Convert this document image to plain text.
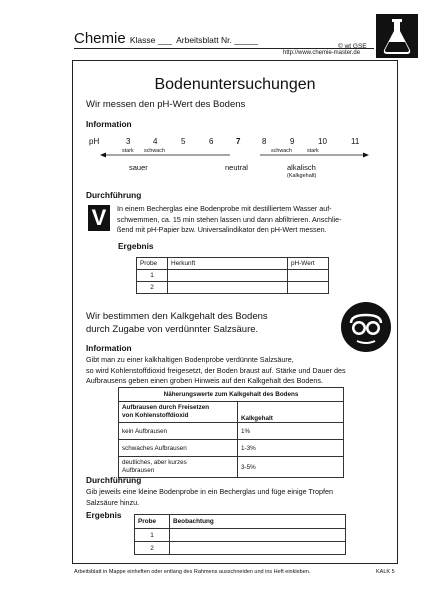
Chemie Klasse ___ Arbeitsblatt Nr. _____
© wt GSE
http://www.chemie-master.de
Bodenuntersuchungen
Wir messen den pH-Wert des Bodens
Information
pH	3	4	5	6	7	8	9	10	11
stark schwach	schwach	stark
sauer	neutral	alkalisch
(Kalkgehalt)
Durchführung
V	In einem Becherglas eine Bodenprobe mit destilliertem Wasser auf-
schwemmen, ca. 15 min stehen lassen und dann abfiltrieren. Anschlie-
ßend mit pH-Papier bzw. Universalindikator den pH-Wert messen.
Ergebnis
Probe	Herkunft	pH-Wert
1		
2		
Wir bestimmen den Kalkgehalt des Bodens
durch Zugabe von verdünnter Salzsäure.
Information
Gibt man zu einer kalkhaltigen Bodenprobe verdünnte Salzsäure,
so wird Kohlenstoffdioxid freigesetzt, der Boden braust auf. Stärke und Dauer des
Aufbrausens geben einen groben Hinweis auf den Kalkgehalt des Bodens.
Näherungswerte zum Kalkgehalt des Bodens	

Aufbrausen durch Freisetzen
von Kohlenstoffdioxid	Kalkgehalt
kein Aufbrausen	1%
schwaches Aufbrausen	1-3%

deutliches, aber kurzes
Aufbrausen	3-5%
Durchführung
Gib jeweils eine kleine Bodenprobe in ein Becherglas und füge einige Tropfen
Salzsäure hinzu.
Ergebnis
Probe	Beobachtung
1	
2	
Arbeitsblatt in Mappe einheften oder entlang des Rahmens ausschneiden und ins Heft einkleben.	KALK 5
